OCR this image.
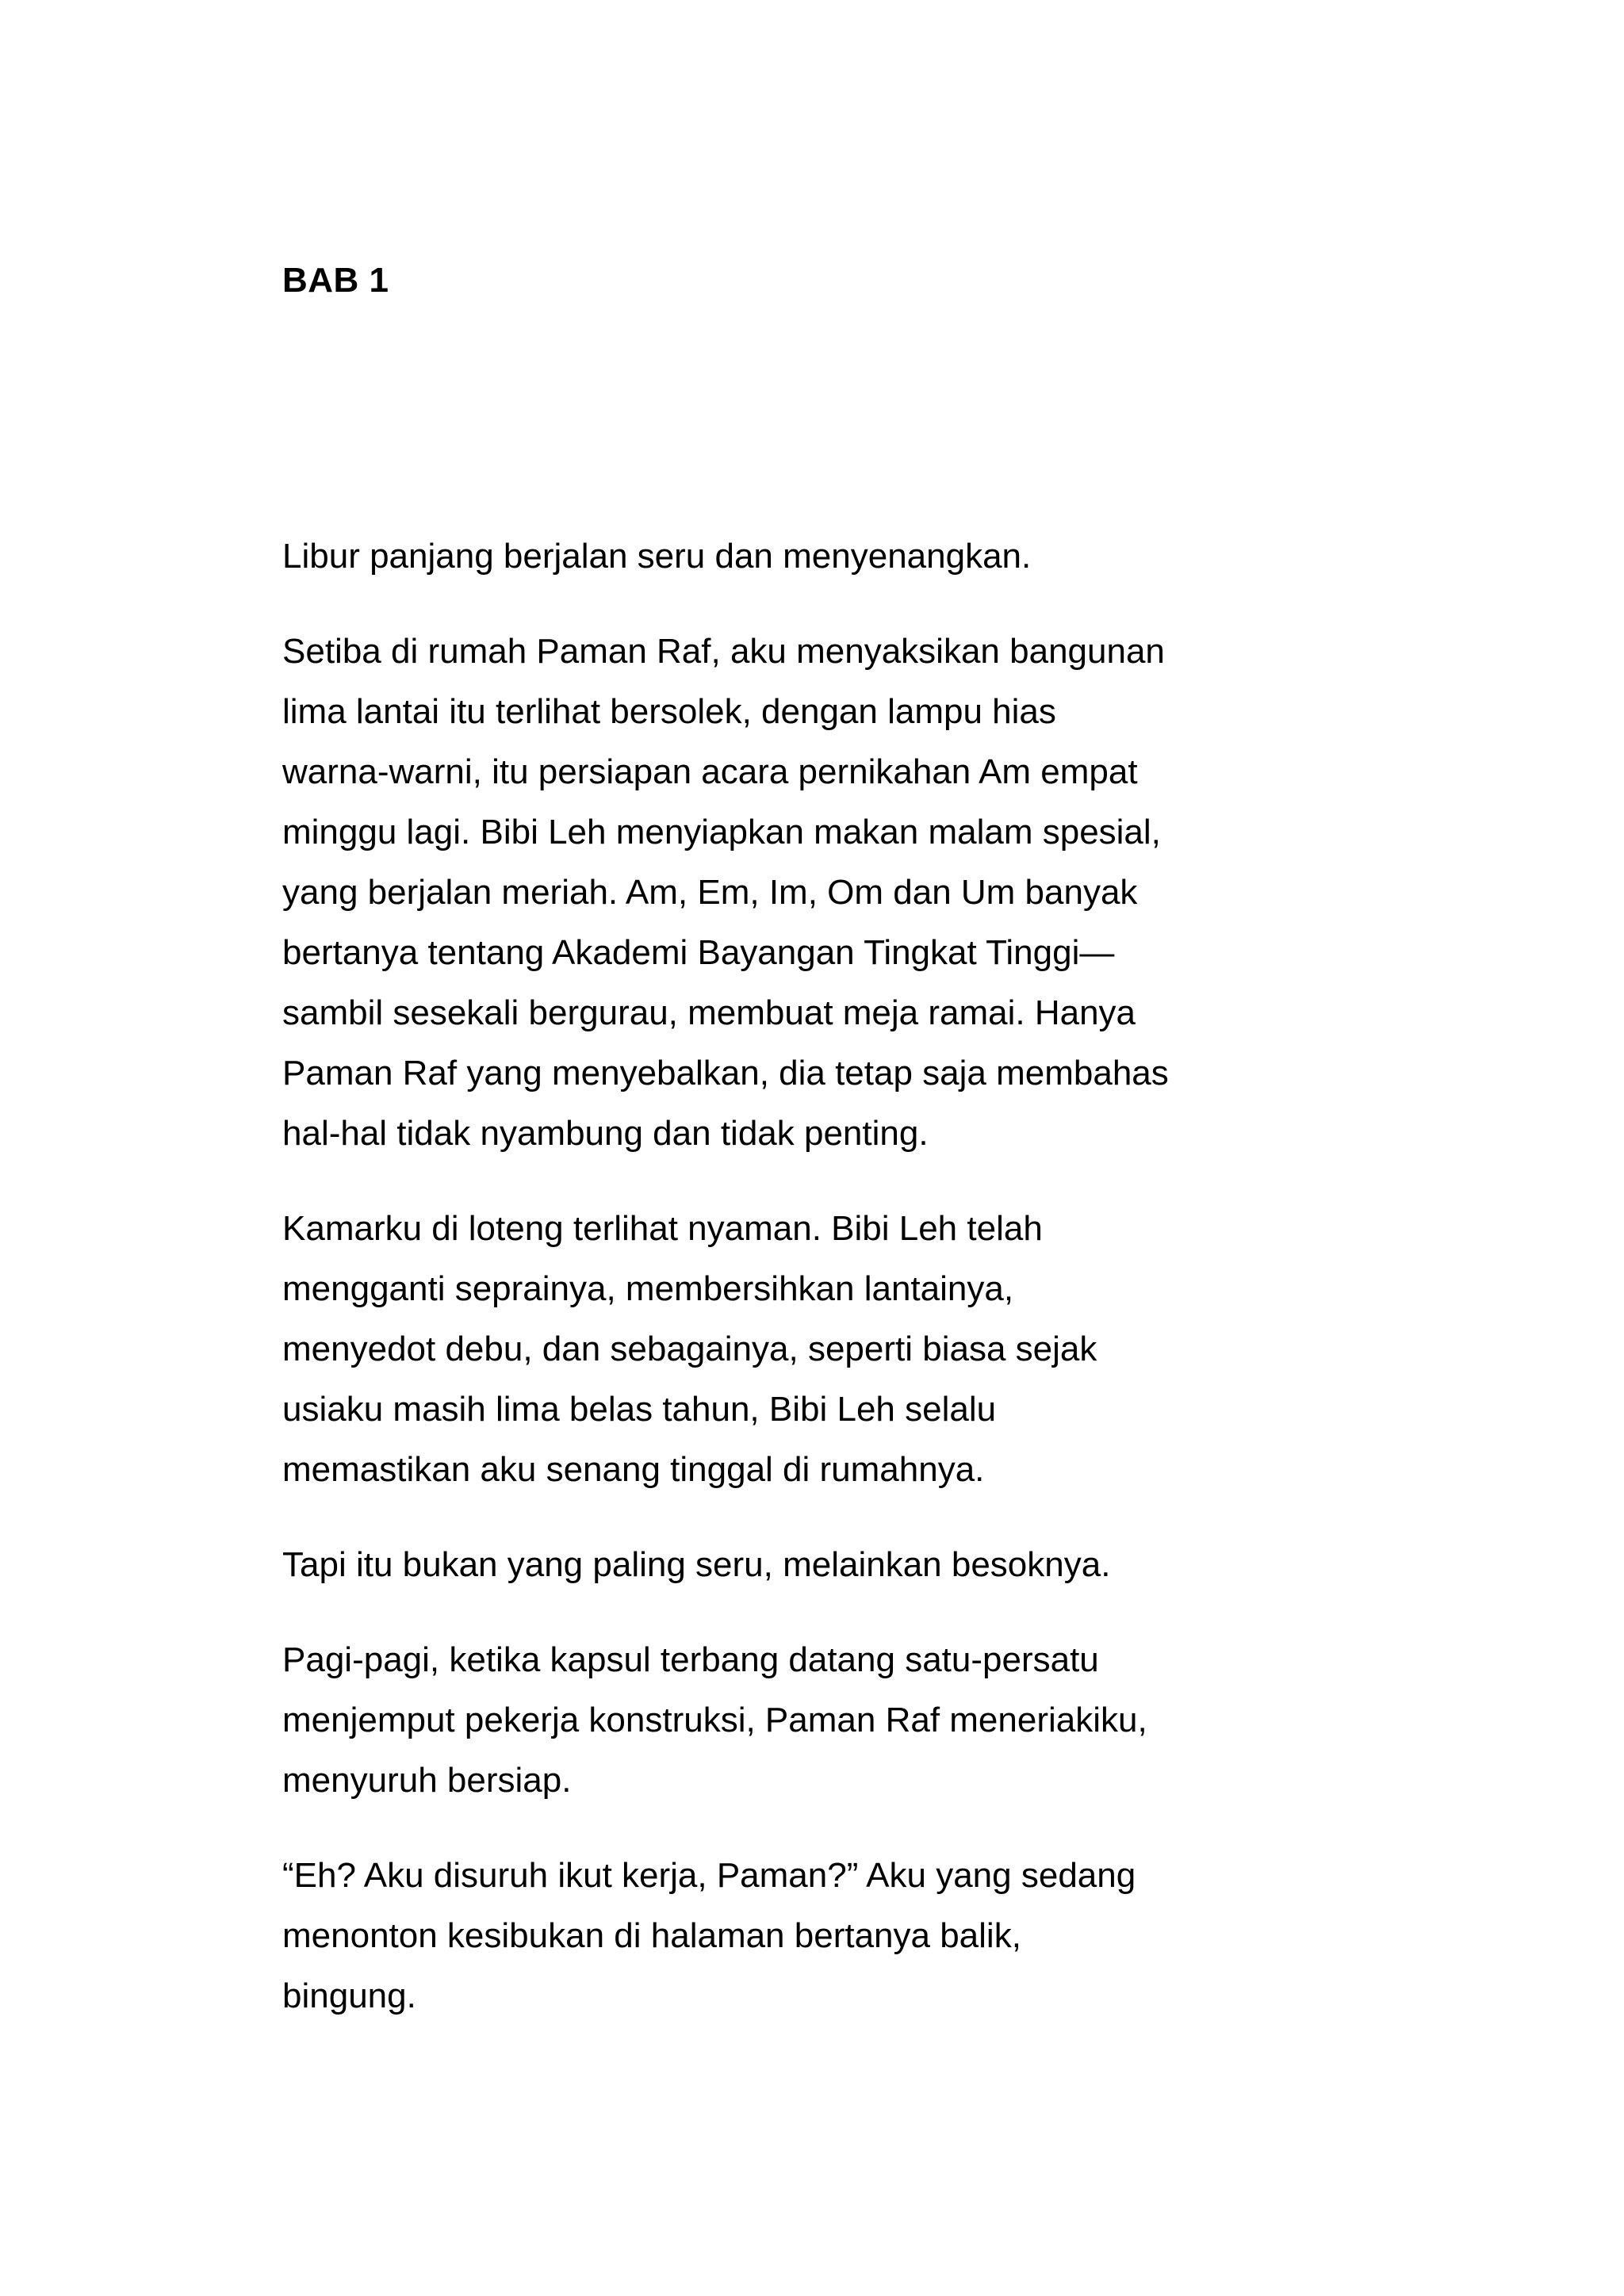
BAB 1

Libur panjang berjalan seru dan menyenangkan.

Setiba di rumah Paman Raf, aku menyaksikan bangunan
lima lantai itu terlihat bersolek, dengan lampu hias
warna-warni, itu persiapan acara pernikahan Am empat
minggu lagi. Bibi Leh menyiapkan makan malam spesial,
yang berjalan meriah. Am, Em, Im, Om dan Um banyak
bertanya tentang Akademi Bayangan Tingkat Tinggi—
sambil sesekali bergurau, membuat meja ramai. Hanya
Paman Raf yang menyebalkan, dia tetap saja membahas
hal-hal tidak nyambung dan tidak penting.

Kamarku di loteng terlihat nyaman. Bibi Leh telah
mengganti seprainya, membersihkan lantainya,
menyedot debu, dan sebagainya, seperti biasa sejak
usiaku masih lima belas tahun, Bibi Leh selalu
memastikan aku senang tinggal di rumahnya.

Tapi itu bukan yang paling seru, melainkan besoknya.

Pagi-pagi, ketika kapsul terbang datang satu-persatu
menjemput pekerja konstruksi, Paman Raf meneriakiku,
menyuruh bersiap.

“Eh? Aku disuruh ikut kerja, Paman?” Aku yang sedang
menonton kesibukan di halaman bertanya balik,
bingung.
